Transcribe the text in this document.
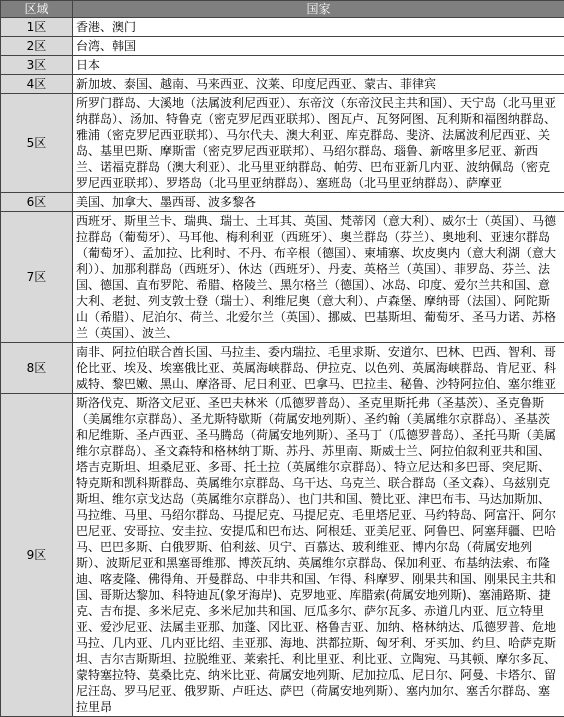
区域	国家
1区	香港、澳门
2区	台湾、韩国
3区	日本
4区	新加坡、泰国、越南、马来西亚、汶莱、印度尼西亚、蒙古、菲律宾
5区	所罗门群岛、大溪地（法属波利尼西亚）、东帝汶（东帝汶民主共和国）、天宁岛（北马里亚纳群岛）、汤加、特鲁克（密克罗尼西亚联邦）、图瓦卢、瓦努阿图、瓦利斯和福图纳群岛、雅浦（密克罗尼西亚联邦）、马尔代夫、澳大利亚、库克群岛、斐济、法属波利尼西亚、关岛、基里巴斯、摩斯雷（密克罗尼西亚联邦）、马绍尔群岛、瑙鲁、新喀里多尼亚、新西兰、诺福克群岛（澳大利亚）、北马里亚纳群岛、帕劳、巴布亚新几内亚、波纳佩岛（密克罗尼西亚联邦）、罗塔岛（北马里亚纳群岛）、塞班岛（北马里亚纳群岛）、萨摩亚
6区	美国、加拿大、墨西哥、波多黎各
7区	西班牙、斯里兰卡、瑞典、瑞士、土耳其、英国、梵蒂冈（意大利）、威尔士（英国）、马德拉群岛（葡萄牙）、马耳他、梅利利亚（西班牙）、奥兰群岛（芬兰）、奥地利、亚速尔群岛（葡萄牙）、孟加拉、比利时、不丹、布辛根（德国）、柬埔寨、坎皮奥内（意大利湖（意大利））、加那利群岛（西班牙）、休达（西班牙）、丹麦、英格兰（英国）、菲罗岛、芬兰、法国、德国、直布罗陀、希腊、格陵兰、黑尔格兰（德国）、冰岛、印度、爱尔兰共和国、意大利、老挝、列支敦士登（瑞士）、利维尼奥（意大利）、卢森堡、摩纳哥（法国）、阿陀斯山（希腊）、尼泊尔、荷兰、北爱尔兰（英国）、挪威、巴基斯坦、葡萄牙、圣马力诺、苏格兰（英国）、波兰、
8区	南非、阿拉伯联合酋长国、马拉圭、委内瑞拉、毛里求斯、安道尔、巴林、巴西、智利、哥伦比亚、埃及、埃塞俄比亚、英属海峡群岛、伊拉克、以色列、英属海峡群岛、肯尼亚、科威特、黎巴嫩、黑山、摩洛哥、尼日利亚、巴拿马、巴拉圭、秘鲁、沙特阿拉伯、塞尔维亚
9区	斯洛伐克、斯洛文尼亚、圣巴夫林米（瓜德罗普岛）、圣克里斯托弗（圣基茨）、圣克鲁斯（美属维尔京群岛）、圣尤斯特歇斯（荷属安地列斯）、圣约翰（美属维尔京群岛）、圣基茨和尼维斯、圣卢西亚、圣马腾岛（荷属安地列斯）、圣马丁（瓜德罗普岛）、圣托马斯（美属维尔京群岛）、圣文森特和格林纳丁斯、苏丹、苏里南、斯威士兰、阿拉伯叙利亚共和国、塔吉克斯坦、坦桑尼亚、多哥、托土拉（英属维尔京群岛）、特立尼达和多巴哥、突尼斯、特克斯和凯科斯群岛、英属维尔京群岛、乌干达、乌克兰、联合群岛（圣文森）、乌兹别克斯坦、维尔京戈达岛（英属维尔京群岛）、也门共和国、赞比亚、津巴布韦、马达加斯加、马拉维、马里、马绍尔群岛、马提尼克、马提尼克、毛里塔尼亚、马约特岛、阿富汗、阿尔巴尼亚、安哥拉、安圭拉、安提瓜和巴布达、阿根廷、亚美尼亚、阿鲁巴、阿塞拜疆、巴哈马、巴巴多斯、白俄罗斯、伯利兹、贝宁、百慕达、玻利维亚、博内尔岛（荷属安地列斯）、波斯尼亚和黑塞哥维那、博茨瓦纳、英属维尔京群岛、保加利亚、布基纳法索、布隆迪、喀麦隆、佛得角、开曼群岛、中非共和国、乍得、科摩罗、刚果共和国、刚果民主共和国、哥斯达黎加、科特迪瓦(象牙海岸)、克罗地亚、库腊索(荷属安地列斯)、塞浦路斯、捷克、吉布提、多米尼克、多米尼加共和国、厄瓜多尔、萨尔瓦多、赤道几内亚、厄立特里亚、爱沙尼亚、法属圭亚那、加蓬、冈比亚、格鲁吉亚、加纳、格林纳达、瓜德罗普、危地马拉、几内亚、几内亚比绍、圭亚那、海地、洪都拉斯、匈牙利、牙买加、约旦、哈萨克斯坦、吉尔吉斯斯坦、拉脱维亚、莱索托、利比里亚、利比亚、立陶宛、马其顿、摩尔多瓦、蒙特塞拉特、莫桑比克、纳米比亚、荷属安地列斯、尼加拉瓜、尼日尔、阿曼、卡塔尔、留尼汪岛、罗马尼亚、俄罗斯、卢旺达、萨巴（荷属安地列斯）、塞内加尔、塞舌尔群岛、塞拉里昂
